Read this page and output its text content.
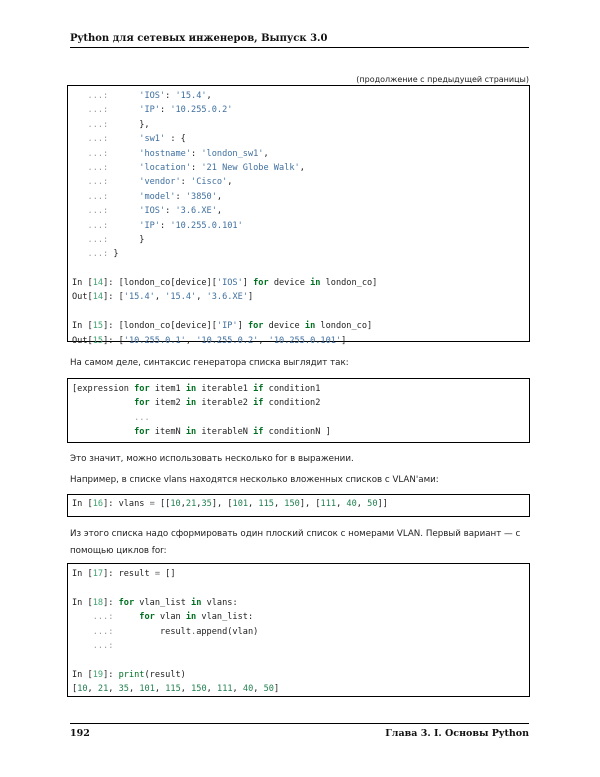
Python для сетевых инженеров, Выпуск 3.0
(продолжение с предыдущей страницы)
...:	'IOS': '15.4',
...:	'IP': '10.255.0.2'
...:      },
...:	'sw1' : {
...:	'hostname': 'london_sw1',
...:	'location': '21 New Globe Walk',
...:	'vendor': 'Cisco',
...:	'model': '3850',
...:	'IOS': '3.6.XE',
...:	'IP': '10.255.0.101'
...:      }
...: }

In [14]: [london_co[device]['IOS'] for device in london_co]
Out[14]: ['15.4', '15.4', '3.6.XE']

In [15]: [london_co[device]['IP'] for device in london_co]
Out[15]: ['10.255.0.1', '10.255.0.2', '10.255.0.101']
На самом деле, синтаксис генератора списка выглядит так:
[expression for item1 in iterable1 if condition1
for item2 in iterable2 if condition2
...
for itemN in iterableN if conditionN ]
Это значит, можно использовать несколько for в выражении.
Например, в списке vlans находятся несколько вложенных списков с VLAN'ами:
In [16]: vlans = [[10,21,35], [101, 115, 150], [111, 40, 50]]
Из этого списка надо сформировать один плоский список с номерами VLAN. Первый вариант — с помощью циклов for:
In [17]: result = []

In [18]: for vlan_list in vlans:
...:	for vlan in vlan_list:
...:         result.append(vlan)
...:

In [19]: print(result)
[10, 21, 35, 101, 115, 150, 111, 40, 50]
192	Глава 3. I. Основы Python
